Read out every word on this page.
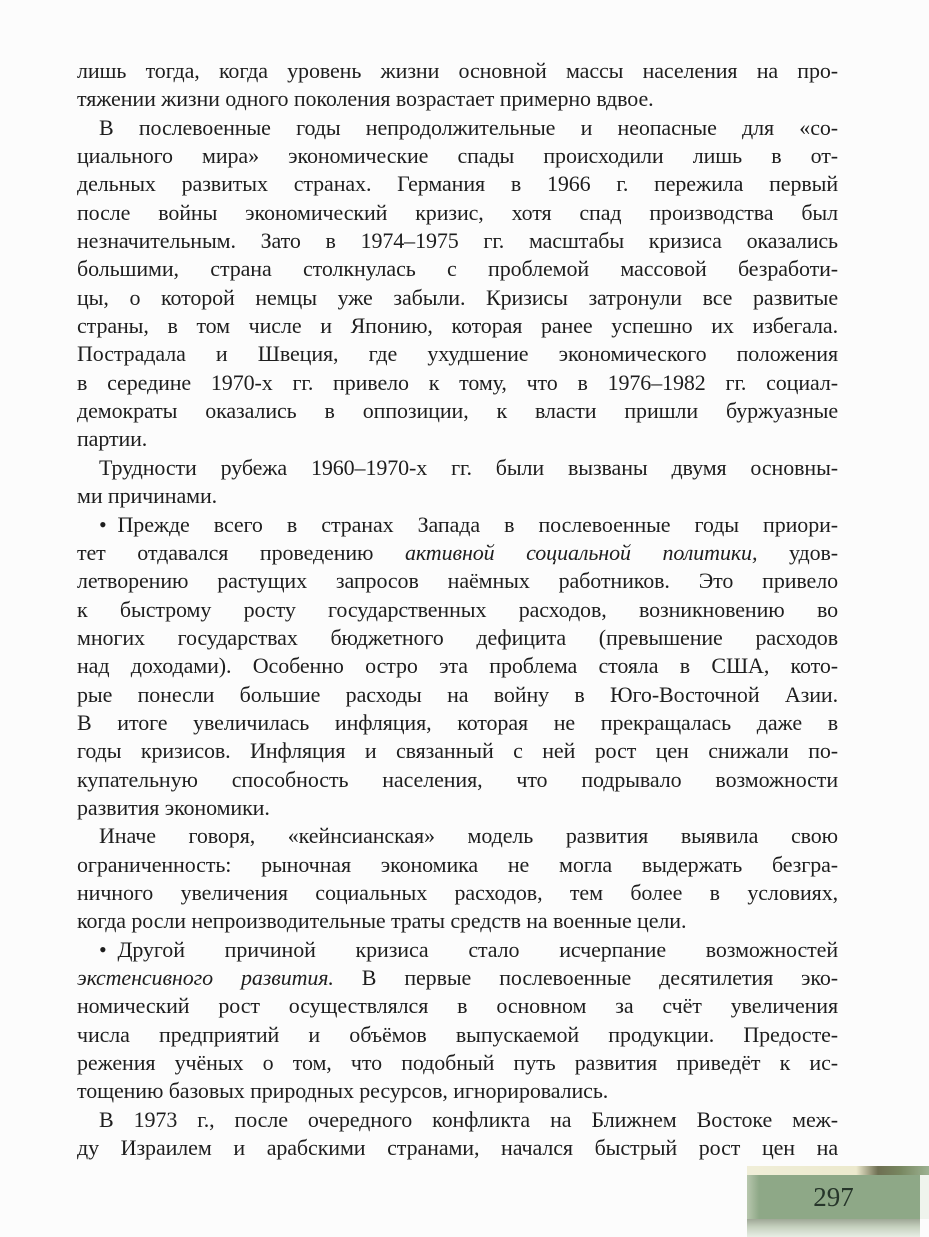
лишь тогда, когда уровень жизни основной массы населения на про-
тяжении жизни одного поколения возрастает примерно вдвое.
В послевоенные годы непродолжительные и неопасные для «со-
циального мира» экономические спады происходили лишь в от-
дельных развитых странах. Германия в 1966 г. пережила первый
после войны экономический кризис, хотя спад производства был
незначительным. Зато в 1974–1975 гг. масштабы кризиса оказались
большими, страна столкнулась с проблемой массовой безработи-
цы, о которой немцы уже забыли. Кризисы затронули все развитые
страны, в том числе и Японию, которая ранее успешно их избегала.
Пострадала и Швеция, где ухудшение экономического положения
в середине 1970-х гг. привело к тому, что в 1976–1982 гг. социал-
демократы оказались в оппозиции, к власти пришли буржуазные
партии.
Трудности рубежа 1960–1970-х гг. были вызваны двумя основны-
ми причинами.
• Прежде всего в странах Запада в послевоенные годы приори-
тет отдавался проведению активной социальной политики, удов-
летворению растущих запросов наёмных работников. Это привело
к быстрому росту государственных расходов, возникновению во
многих государствах бюджетного дефицита (превышение расходов
над доходами). Особенно остро эта проблема стояла в США, кото-
рые понесли большие расходы на войну в Юго-Восточной Азии.
В итоге увеличилась инфляция, которая не прекращалась даже в
годы кризисов. Инфляция и связанный с ней рост цен снижали по-
купательную способность населения, что подрывало возможности
развития экономики.
Иначе говоря, «кейнсианская» модель развития выявила свою
ограниченность: рыночная экономика не могла выдержать безгра-
ничного увеличения социальных расходов, тем более в условиях,
когда росли непроизводительные траты средств на военные цели.
• Другой причиной кризиса стало исчерпание возможностей
экстенсивного развития. В первые послевоенные десятилетия эко-
номический рост осуществлялся в основном за счёт увеличения
числа предприятий и объёмов выпускаемой продукции. Предосте-
режения учёных о том, что подобный путь развития приведёт к ис-
тощению базовых природных ресурсов, игнорировались.
В 1973 г., после очередного конфликта на Ближнем Востоке меж-
ду Израилем и арабскими странами, начался быстрый рост цен на
297
